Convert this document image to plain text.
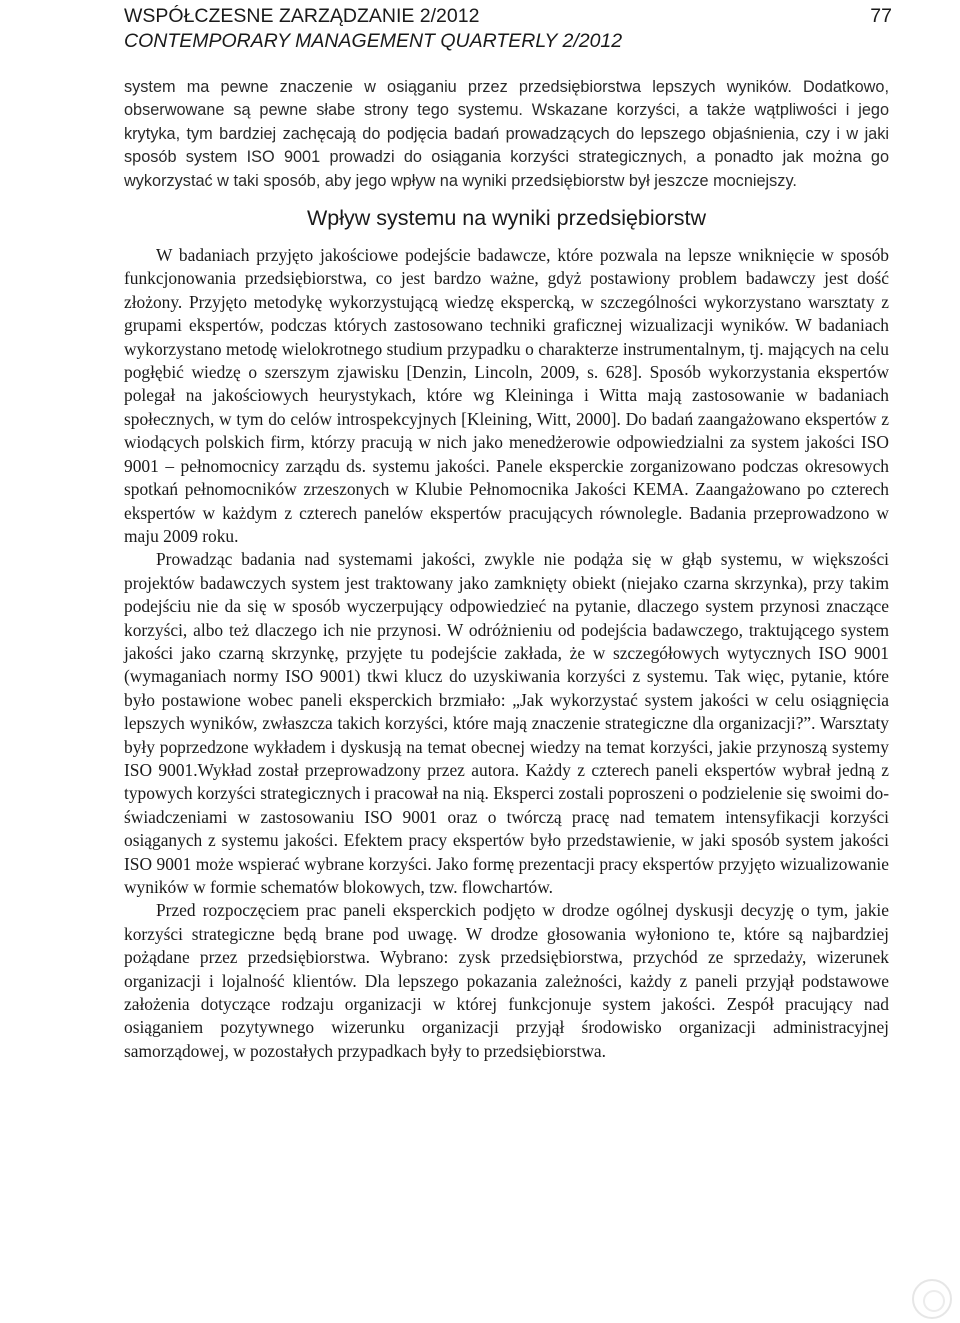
WSPÓŁCZESNE ZARZĄDZANIE 2/2012	77
CONTEMPORARY MANAGEMENT QUARTERLY 2/2012

system ma pewne znaczenie w osiąganiu przez przedsiębiorstwa lepszych wyników. Dodatkowo, obserwowane są pewne słabe strony tego systemu. Wskazane korzyści, a także wątpliwości i jego krytyka, tym bardziej zachęcają do podjęcia badań prowadzących do lepszego objaśnienia, czy i w jaki sposób system ISO 9001 prowadzi do osiągania korzyści strategicznych, a ponadto jak można go wykorzystać w taki sposób, aby jego wpływ na wyniki przedsiębiorstw był jeszcze mocniejszy.

Wpływ systemu na wyniki przedsiębiorstw

W badaniach przyjęto jakościowe podejście badawcze, które pozwala na lepsze wniknięcie w sposób funkcjonowania przedsiębiorstwa, co jest bardzo ważne, gdyż postawiony problem badawczy jest dość złożony. Przyjęto metodykę wykorzystującą wiedzę ekspercką, w szczególności wykorzystano warsztaty z grupami ekspertów, podczas których zastosowano techniki graficznej wizualizacji wyników. W badaniach wykorzystano metodę wielokrotnego studium przypadku o charakterze instrumentalnym, tj. mających na celu pogłębić wiedzę o szerszym zjawisku [Denzin, Lincoln, 2009, s. 628]. Sposób wykorzystania ekspertów polegał na jakościowych heurystykach, które wg Kleininga i Witta mają zastosowanie w badaniach społecznych, w tym do celów introspekcyjnych [Kleining, Witt, 2000]. Do badań zaangażowano ekspertów z wiodących polskich firm, którzy pracują w nich jako menedżerowie odpowiedzialni za system jakości ISO 9001 – pełnomocnicy zarządu ds. systemu jakości. Panele eksperckie zorganizowano podczas okresowych spotkań pełnomocników zrzeszonych w Klubie Pełnomocnika Jakości KEMA. Zaangażowano po czterech ekspertów w każdym z czterech panelów ekspertów pracujących równolegle. Badania przeprowadzono w maju 2009 roku.

Prowadząc badania nad systemami jakości, zwykle nie podąża się w głąb systemu, w większości projektów badawczych system jest traktowany jako zamknięty obiekt (niejako czarna skrzynka), przy takim podejściu nie da się w sposób wyczerpujący odpowiedzieć na pytanie, dlaczego system przynosi znaczące korzyści, albo też dlaczego ich nie przynosi. W odróżnieniu od podejścia badawczego, traktującego system jakości jako czarną skrzynkę, przyjęte tu podejście zakłada, że w szczegółowych wytycznych ISO 9001 (wymaganiach normy ISO 9001) tkwi klucz do uzyskiwania korzyści z systemu. Tak więc, pytanie, które było postawione wobec paneli eksperckich brzmiało: „Jak wykorzystać system jakości w celu osiągnięcia lepszych wyników, zwłaszcza takich korzyści, które mają znaczenie strategiczne dla organizacji?”. Warsztaty były poprzedzone wykładem i dyskusją na temat obecnej wiedzy na temat korzyści, jakie przynoszą systemy ISO 9001.Wykład został przeprowadzony przez autora. Każdy z czterech paneli ekspertów wybrał jedną z typowych korzyści strategicznych i pracował na nią. Eksperci zostali poproszeni o podzielenie się swoimi doświadczeniami w zastosowaniu ISO 9001 oraz o twórczą pracę nad tematem intensyfikacji korzyści osiąganych z systemu jakości. Efektem pracy ekspertów było przedstawienie, w jaki sposób system jakości ISO 9001 może wspierać wybrane korzyści. Jako formę prezentacji pracy ekspertów przyjęto wizualizowanie wyników w formie schematów blokowych, tzw. flowchartów.

Przed rozpoczęciem prac paneli eksperckich podjęto w drodze ogólnej dyskusji decyzję o tym, jakie korzyści strategiczne będą brane pod uwagę. W drodze głosowania wyłoniono te, które są najbardziej pożądane przez przedsiębiorstwa. Wybrano: zysk przedsiębiorstwa, przychód ze sprzedaży, wizerunek organizacji i lojalność klientów. Dla lepszego pokazania zależności, każdy z paneli przyjął podstawowe założenia dotyczące rodzaju organizacji w której funkcjonuje system jakości. Zespół pracujący nad osiąganiem pozytywnego wizerunku organizacji przyjął środowisko organizacji administracyjnej samorządowej, w pozostałych przypadkach były to przedsiębiorstwa.
